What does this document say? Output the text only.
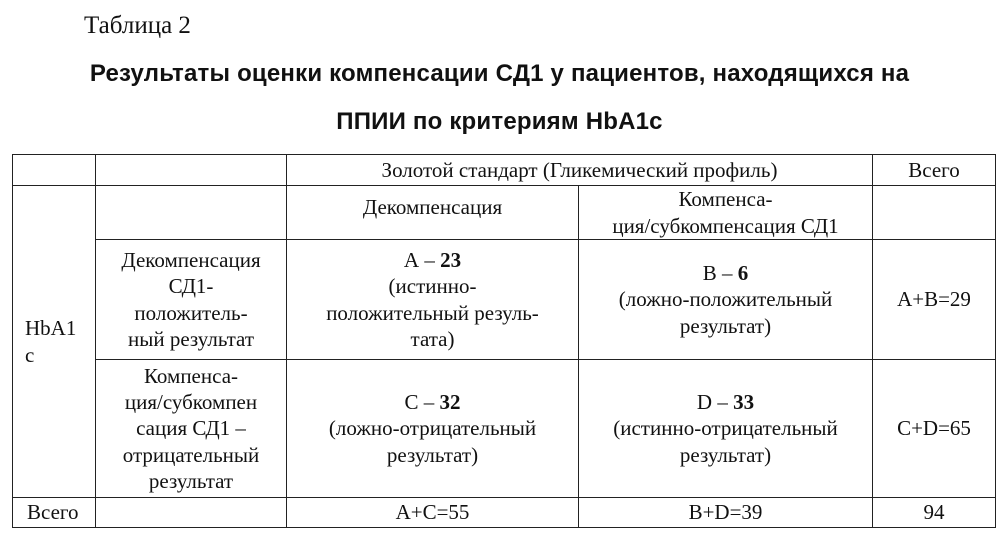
Таблица 2
Результаты оценки компенсации СД1 у пациентов, находящихся на
ППИИ по критериям HbA1c
		Золотой стандарт (Гликемический профиль)		Всего

HbA1
c		Декомпенсация	Компенса-
ция/субкомпенсация СД1	

	Декомпенсация
СД1-
положитель-
ный результат	А – 23
(истинно-
положительный резуль-
тата)	В – 6
(ложно-положительный
результат)	А+В=29

	Компенса-
ция/субкомпен
сация СД1 –
отрицательный
результат	С – 32
(ложно-отрицательный
результат)	D – 33
(истинно-отрицательный
результат)	С+D=65
Всего		А+С=55	В+D=39	94
